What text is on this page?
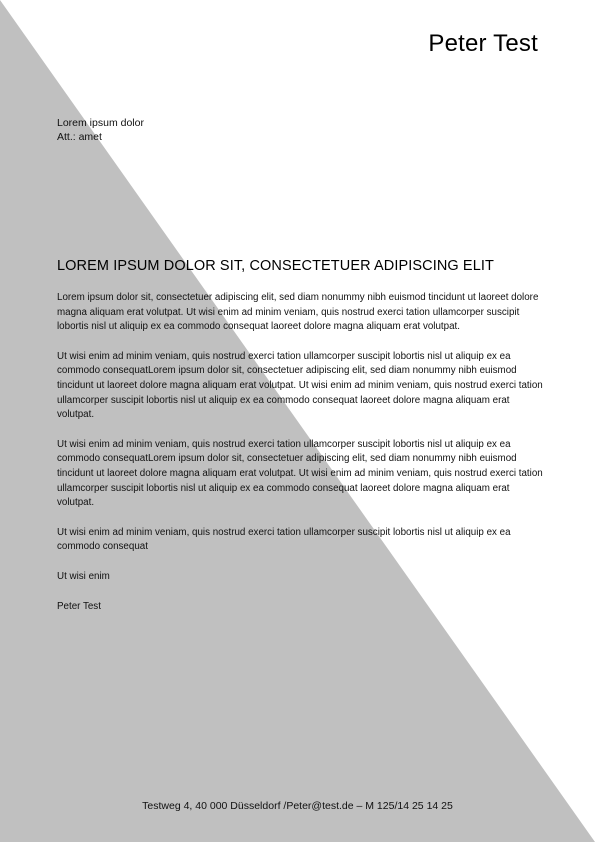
Peter Test
Lorem ipsum dolor
Att.: amet
LOREM IPSUM DOLOR SIT, CONSECTETUER ADIPISCING ELIT

Lorem ipsum dolor sit, consectetuer adipiscing elit, sed diam nonummy nibh euismod tincidunt ut laoreet dolore magna aliquam erat volutpat. Ut wisi enim ad minim veniam, quis nostrud exerci tation ullamcorper suscipit lobortis nisl ut aliquip ex ea commodo consequat laoreet dolore magna aliquam erat volutpat.

Ut wisi enim ad minim veniam, quis nostrud exerci tation ullamcorper suscipit lobortis nisl ut aliquip ex ea commodo consequatLorem ipsum dolor sit, consectetuer adipiscing elit, sed diam nonummy nibh euismod tincidunt ut laoreet dolore magna aliquam erat volutpat. Ut wisi enim ad minim veniam, quis nostrud exerci tation ullamcorper suscipit lobortis nisl ut aliquip ex ea commodo consequat laoreet dolore magna aliquam erat volutpat.

Ut wisi enim ad minim veniam, quis nostrud exerci tation ullamcorper suscipit lobortis nisl ut aliquip ex ea commodo consequatLorem ipsum dolor sit, consectetuer adipiscing elit, sed diam nonummy nibh euismod tincidunt ut laoreet dolore magna aliquam erat volutpat. Ut wisi enim ad minim veniam, quis nostrud exerci tation ullamcorper suscipit lobortis nisl ut aliquip ex ea commodo consequat laoreet dolore magna aliquam erat volutpat.

Ut wisi enim ad minim veniam, quis nostrud exerci tation ullamcorper suscipit lobortis nisl ut aliquip ex ea commodo consequat

Ut wisi enim

Peter Test

Testweg 4, 40 000 Düsseldorf /Peter@test.de – M 125/14 25 14 25
